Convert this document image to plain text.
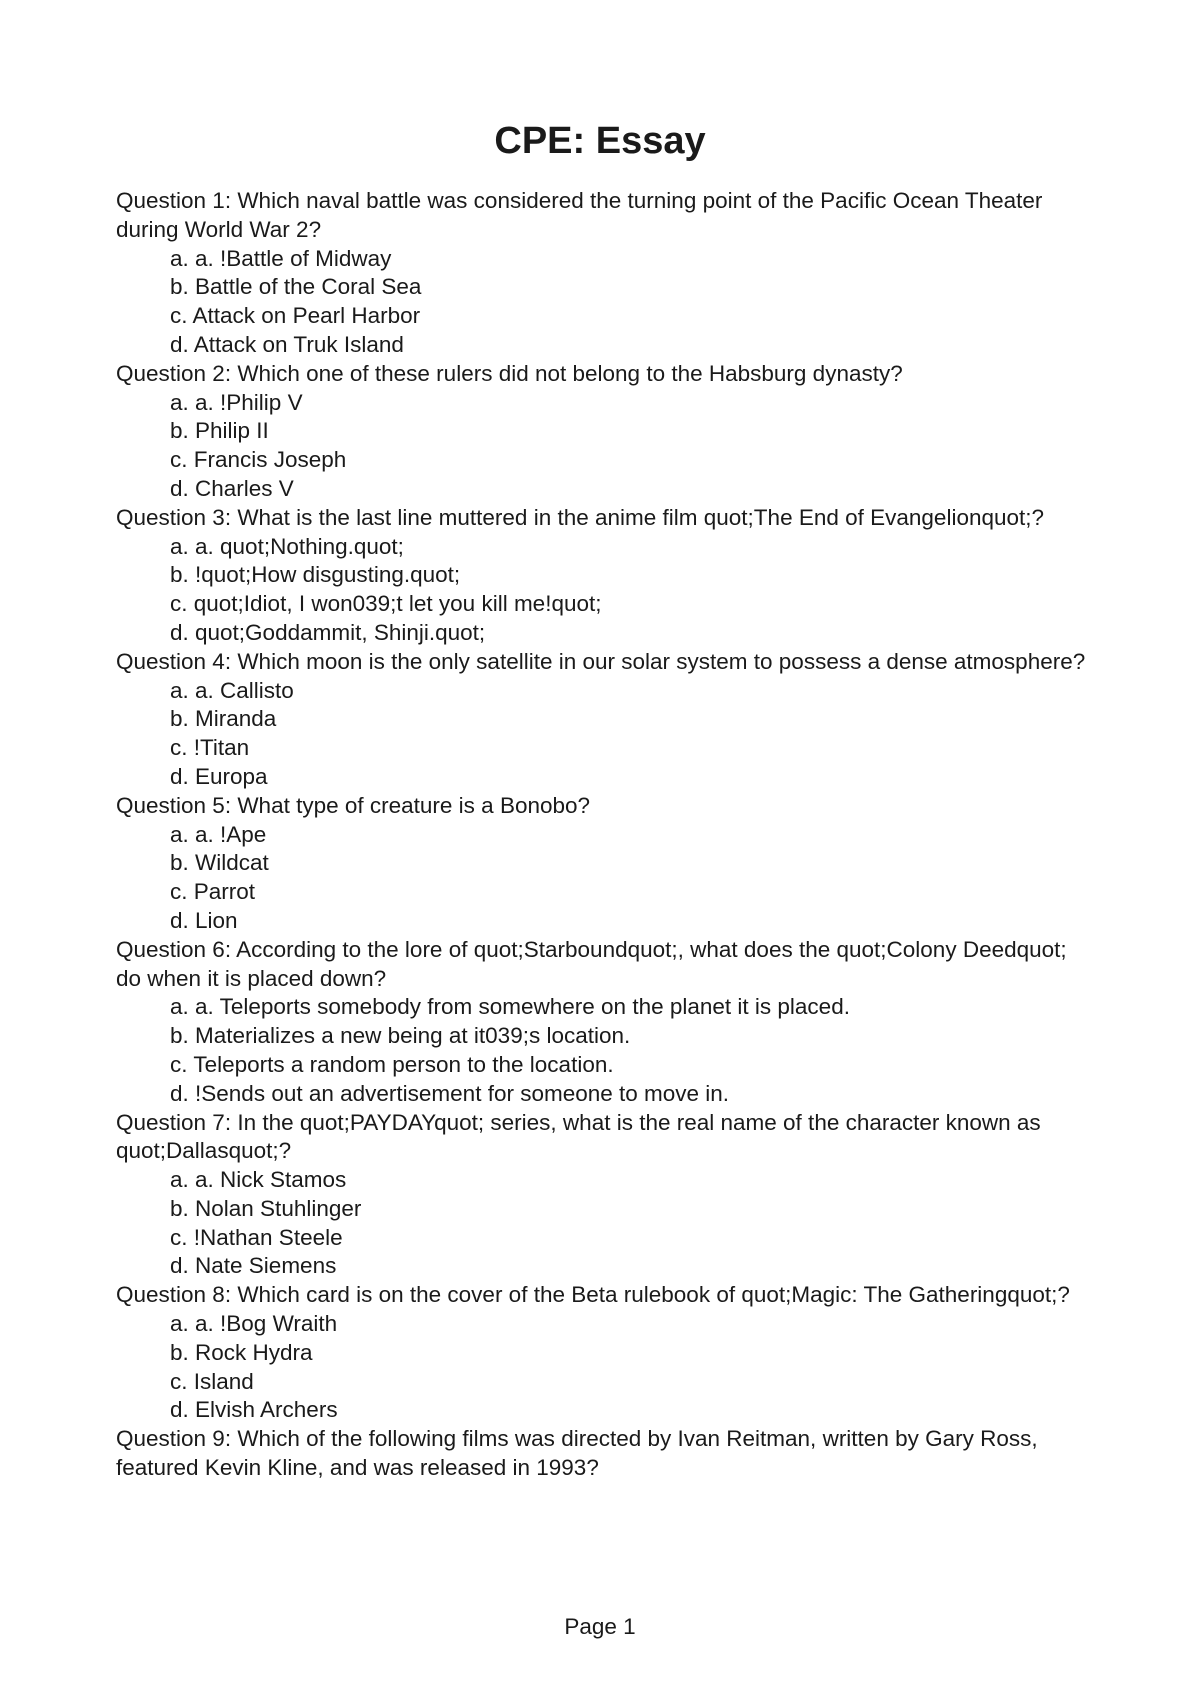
CPE: Essay
Question 1: Which naval battle was considered the turning point of the Pacific Ocean Theater during World War 2?
a. a. !Battle of Midway
b. Battle of the Coral Sea
c. Attack on Pearl Harbor
d. Attack on Truk Island
Question 2: Which one of these rulers did not belong to the Habsburg dynasty?
a. a. !Philip V
b. Philip II
c. Francis Joseph
d. Charles V
Question 3: What is the last line muttered in the anime film quot;The End of Evangelionquot;?
a. a. quot;Nothing.quot;
b. !quot;How disgusting.quot;
c. quot;Idiot, I won039;t let you kill me!quot;
d. quot;Goddammit, Shinji.quot;
Question 4: Which moon is the only satellite in our solar system to possess a dense atmosphere?
a. a. Callisto
b. Miranda
c. !Titan
d. Europa
Question 5: What type of creature is a Bonobo?
a. a. !Ape
b. Wildcat
c. Parrot
d. Lion
Question 6: According to the lore of quot;Starboundquot;, what does the quot;Colony Deedquot; do when it is placed down?
a. a. Teleports somebody from somewhere on the planet it is placed.
b. Materializes a new being at it039;s location.
c. Teleports a random person to the location.
d. !Sends out an advertisement for someone to move in.
Question 7: In the quot;PAYDAYquot; series, what is the real name of the character known as quot;Dallasquot;?
a. a. Nick Stamos
b. Nolan Stuhlinger
c. !Nathan Steele
d. Nate Siemens
Question 8: Which card is on the cover of the Beta rulebook of quot;Magic: The Gatheringquot;?
a. a. !Bog Wraith
b. Rock Hydra
c. Island
d. Elvish Archers
Question 9: Which of the following films was directed by Ivan Reitman, written by Gary Ross, featured Kevin Kline, and was released in 1993?
Page 1
